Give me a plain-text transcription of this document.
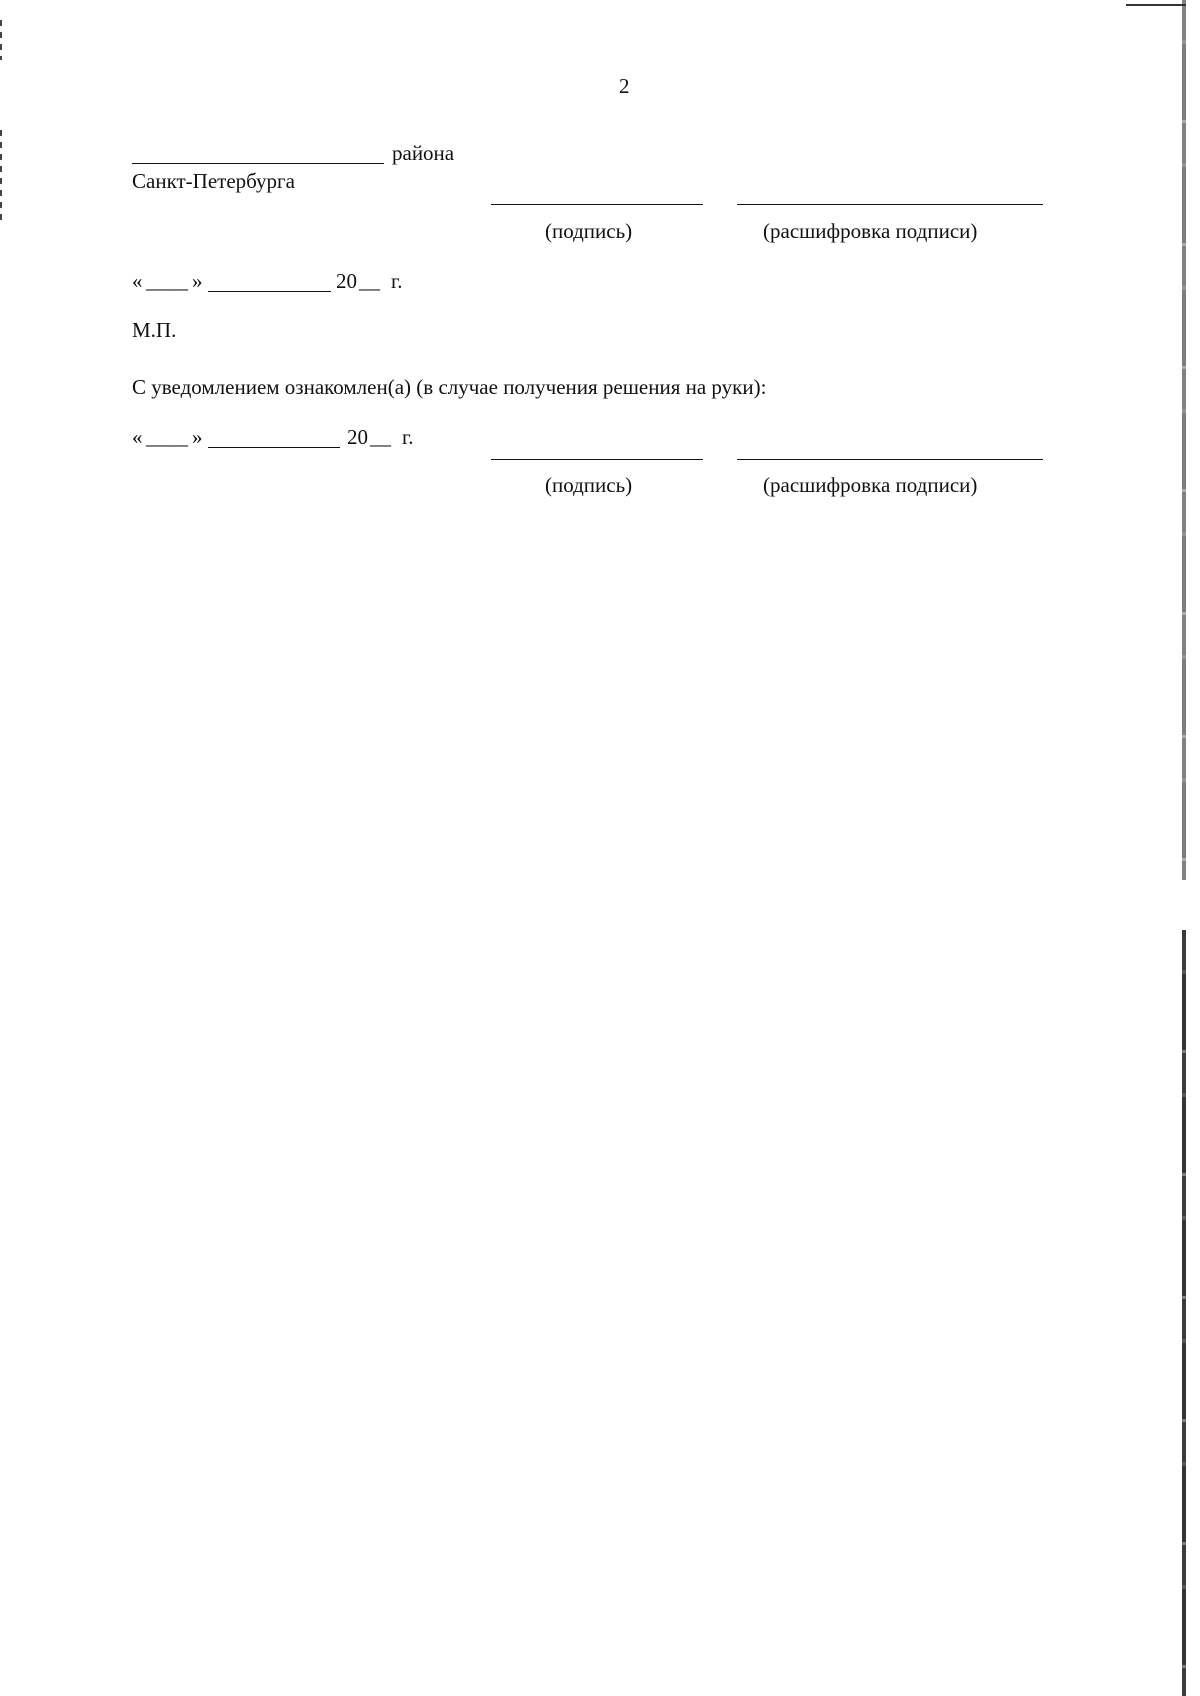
2
района
Санкт-Петербурга
(подпись)	(расшифровка подписи)
« ____ »	20 __ г.
М.П.
С уведомлением ознакомлен(а) (в случае получения решения на руки):
« ____ »	20 __ г.
(подпись)	(расшифровка подписи)
